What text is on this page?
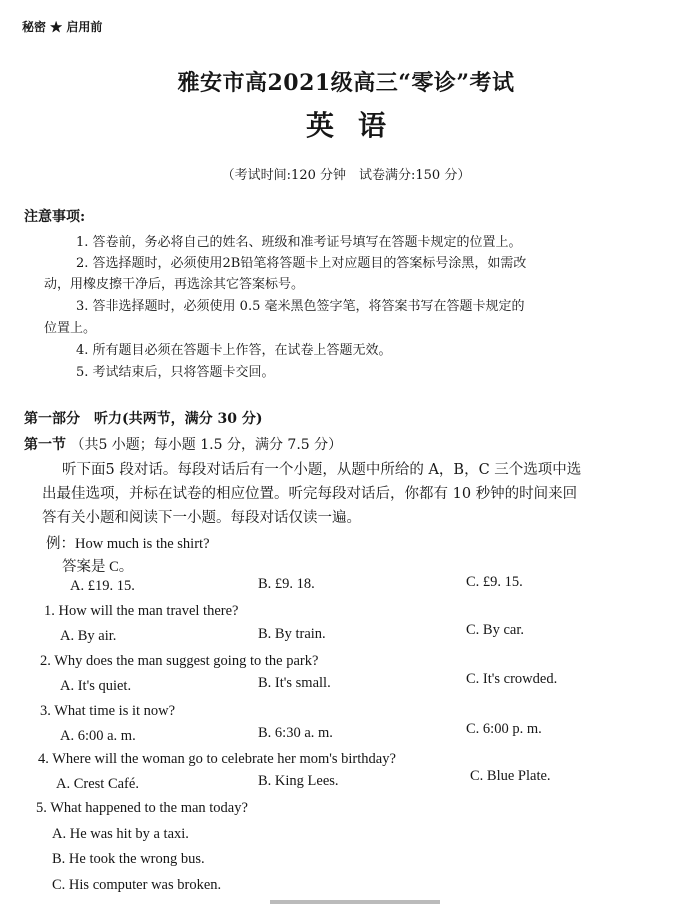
秘密 ★ 启用前
雅安市高2021级高三“零诊”考试
英语
（考试时间:120 分钟　试卷满分:150 分）
注意事项:
1. 答卷前，务必将自己的姓名、班级和准考证号填写在答题卡规定的位置上。
2. 答选择题时，必须使用2B铅笔将答题卡上对应题目的答案标号涂黑，如需改
动，用橡皮擦干净后，再选涂其它答案标号。
3. 答非选择题时，必须使用 0.5 毫米黑色签字笔，将答案书写在答题卡规定的
位置上。
4. 所有题目必须在答题卡上作答，在试卷上答题无效。
5. 考试结束后，只将答题卡交回。
第一部分　听力(共两节，满分 30 分)
第一节 （共5 小题；每小题 1.5 分，满分 7.5 分）
听下面5 段对话。每段对话后有一个小题，从题中所给的 A，B，C 三个选项中选
出最佳选项，并标在试卷的相应位置。听完每段对话后，你都有 10 秒钟的时间来回
答有关小题和阅读下一小题。每段对话仅读一遍。
例：How much is the shirt?
答案是 C。
A. £19. 15.	B. £9. 18.	C. £9. 15.
1. How will the man travel there?
A. By air.	B. By train.	C. By car.
2. Why does the man suggest going to the park?
A. It's quiet.	B. It's small.	C. It's crowded.
3. What time is it now?
A. 6:00 a. m.	B. 6:30 a. m.	C. 6:00 p. m.
4. Where will the woman go to celebrate her mom's birthday?
A. Crest Café.	B. King Lees.	C. Blue Plate.
5. What happened to the man today?
A. He was hit by a taxi.
B. He took the wrong bus.
C. His computer was broken.
